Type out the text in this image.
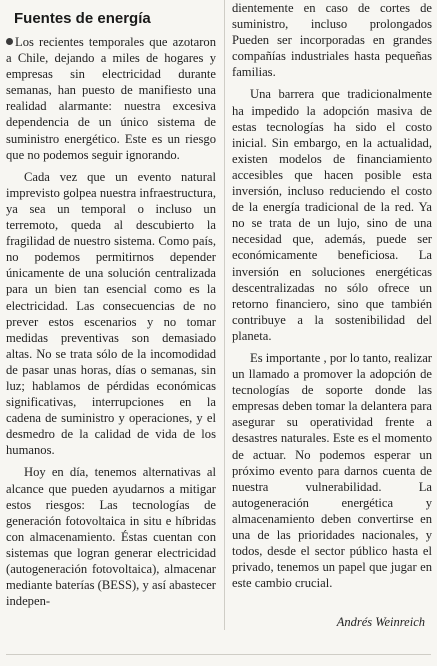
Fuentes de energía

Los recientes temporales que azotaron a Chile, dejando a miles de hogares y empresas sin electricidad durante semanas, han puesto de manifiesto una realidad alarmante: nuestra excesiva dependencia de un único sistema de suministro energético. Este es un riesgo que no podemos seguir ignorando.

Cada vez que un evento natural imprevisto golpea nuestra infraestructura, ya sea un temporal o incluso un terremoto, queda al descubierto la fragilidad de nuestro sistema. Como país, no podemos permitirnos depender únicamente de una solución centralizada para un bien tan esencial como es la electricidad. Las consecuencias de no prever estos escenarios y no tomar medidas preventivas son demasiado altas. No se trata sólo de la incomodidad de pasar unas horas, días o semanas, sin luz; hablamos de pérdidas económicas significativas, interrupciones en la cadena de suministro y operaciones, y el desmedro de la calidad de vida de los humanos.

Hoy en día, tenemos alternativas al alcance que pueden ayudarnos a mitigar estos riesgos: Las tecnologías de generación fotovoltaica in situ e híbridas con almacenamiento. Éstas cuentan con sistemas que logran generar electricidad (autogeneración fotovoltaica), almacenar mediante baterías (BESS), y así abastecer indepen-

dientemente en caso de cortes de suministro, incluso prolongados Pueden ser incorporadas en grandes compañías industriales hasta pequeñas familias.

Una barrera que tradicionalmente ha impedido la adopción masiva de estas tecnologías ha sido el costo inicial. Sin embargo, en la actualidad, existen modelos de financiamiento accesibles que hacen posible esta inversión, incluso reduciendo el costo de la energía tradicional de la red. Ya no se trata de un lujo, sino de una necesidad que, además, puede ser económicamente beneficiosa. La inversión en soluciones energéticas descentralizadas no sólo ofrece un retorno financiero, sino que también contribuye a la sostenibilidad del planeta.

Es importante , por lo tanto, realizar un llamado a promover la adopción de tecnologías de soporte donde las empresas deben tomar la delantera para asegurar su operatividad frente a desastres naturales. Este es el momento de actuar. No podemos esperar un próximo evento para darnos cuenta de nuestra vulnerabilidad. La autogeneración energética y almacenamiento deben convertirse en una de las prioridades nacionales, y todos, desde el sector público hasta el privado, tenemos un papel que jugar en este cambio crucial.

Andrés Weinreich
